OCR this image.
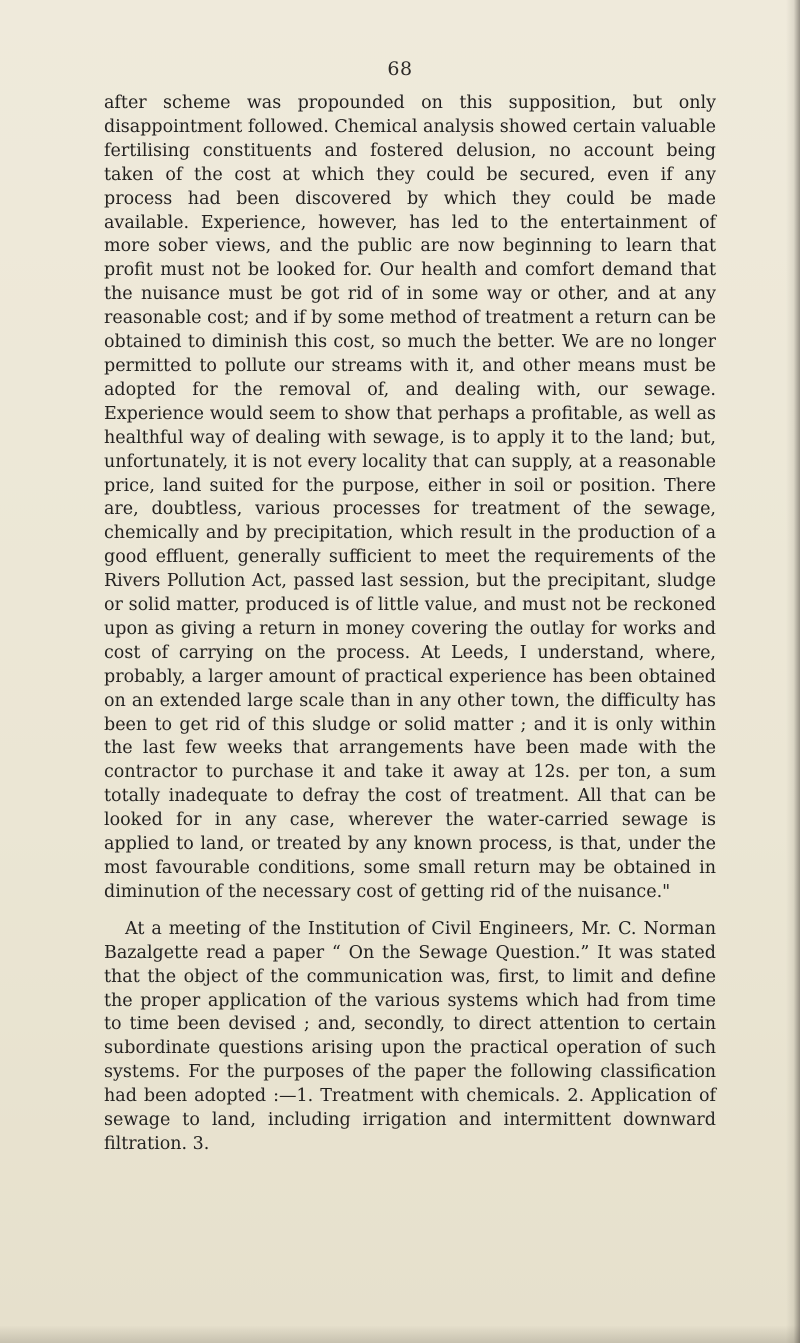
68

after scheme was propounded on this supposition, but only disappointment followed. Chemical analysis showed certain valuable fertilising constituents and fostered delusion, no account being taken of the cost at which they could be secured, even if any process had been discovered by which they could be made available. Experience, however, has led to the entertainment of more sober views, and the public are now beginning to learn that profit must not be looked for. Our health and comfort demand that the nuisance must be got rid of in some way or other, and at any reasonable cost; and if by some method of treatment a return can be obtained to diminish this cost, so much the better. We are no longer permitted to pollute our streams with it, and other means must be adopted for the removal of, and dealing with, our sewage. Experience would seem to show that perhaps a profitable, as well as healthful way of dealing with sewage, is to apply it to the land; but, unfortunately, it is not every locality that can supply, at a reasonable price, land suited for the purpose, either in soil or position. There are, doubtless, various processes for treatment of the sewage, chemically and by precipitation, which result in the production of a good effluent, generally sufficient to meet the requirements of the Rivers Pollution Act, passed last session, but the precipitant, sludge or solid matter, produced is of little value, and must not be reckoned upon as giving a return in money covering the outlay for works and cost of carrying on the process. At Leeds, I understand, where, probably, a larger amount of practical experience has been obtained on an extended large scale than in any other town, the difficulty has been to get rid of this sludge or solid matter ; and it is only within the last few weeks that arrangements have been made with the contractor to purchase it and take it away at 12s. per ton, a sum totally inadequate to defray the cost of treatment. All that can be looked for in any case, wherever the water-carried sewage is applied to land, or treated by any known process, is that, under the most favourable conditions, some small return may be obtained in diminution of the necessary cost of getting rid of the nuisance."

At a meeting of the Institution of Civil Engineers, Mr. C. Norman Bazalgette read a paper “ On the Sewage Question.” It was stated that the object of the communication was, first, to limit and define the proper application of the various systems which had from time to time been devised ; and, secondly, to direct attention to certain subordinate questions arising upon the practical operation of such systems. For the purposes of the paper the following classification had been adopted :—1. Treatment with chemicals. 2. Application of sewage to land, including irrigation and intermittent downward filtration. 3.
